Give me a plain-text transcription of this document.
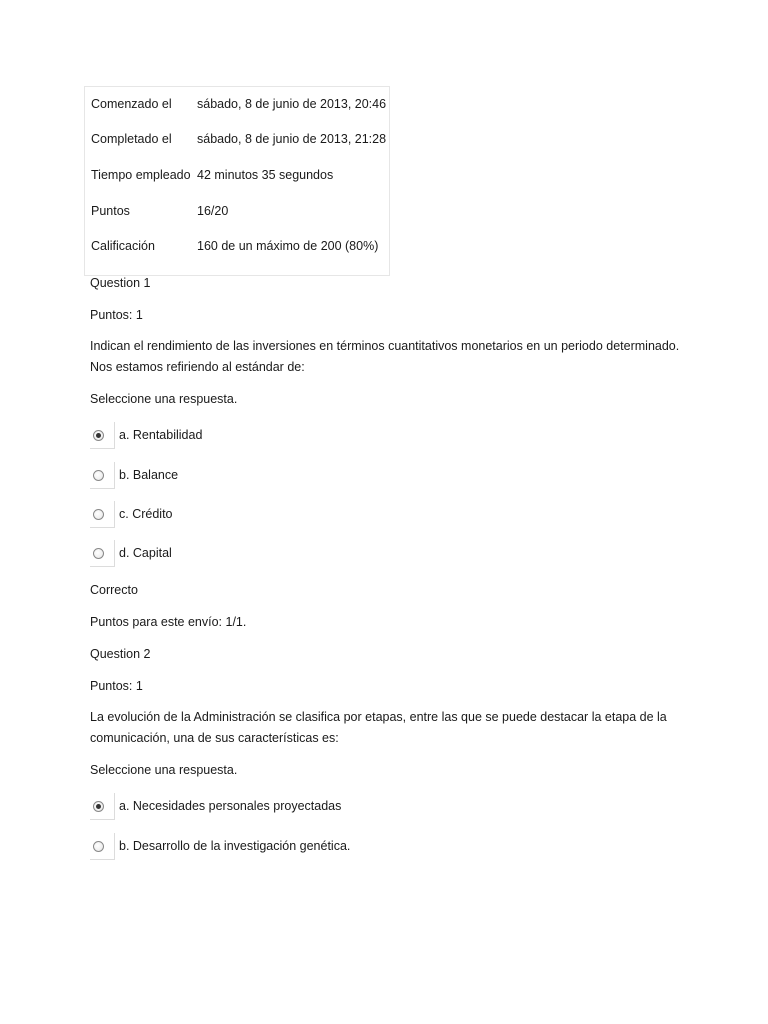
Comenzado el sábado, 8 de junio de 2013, 20:46
Completado el sábado, 8 de junio de 2013, 21:28
Tiempo empleado 42 minutos 35 segundos
Puntos	16/20
Calificación	160 de un máximo de 200 (80%)
Question 1
Puntos: 1
Indican el rendimiento de las inversiones en términos cuantitativos monetarios en un periodo determinado. Nos estamos refiriendo al estándar de:
Seleccione una respuesta.
a. Rentabilidad
b. Balance
c. Crédito
d. Capital
Correcto
Puntos para este envío: 1/1.
Question 2
Puntos: 1
La evolución de la Administración se clasifica por etapas, entre las que se puede destacar la etapa de la comunicación, una de sus características es:
Seleccione una respuesta.
a. Necesidades personales proyectadas
b. Desarrollo de la investigación genética.
